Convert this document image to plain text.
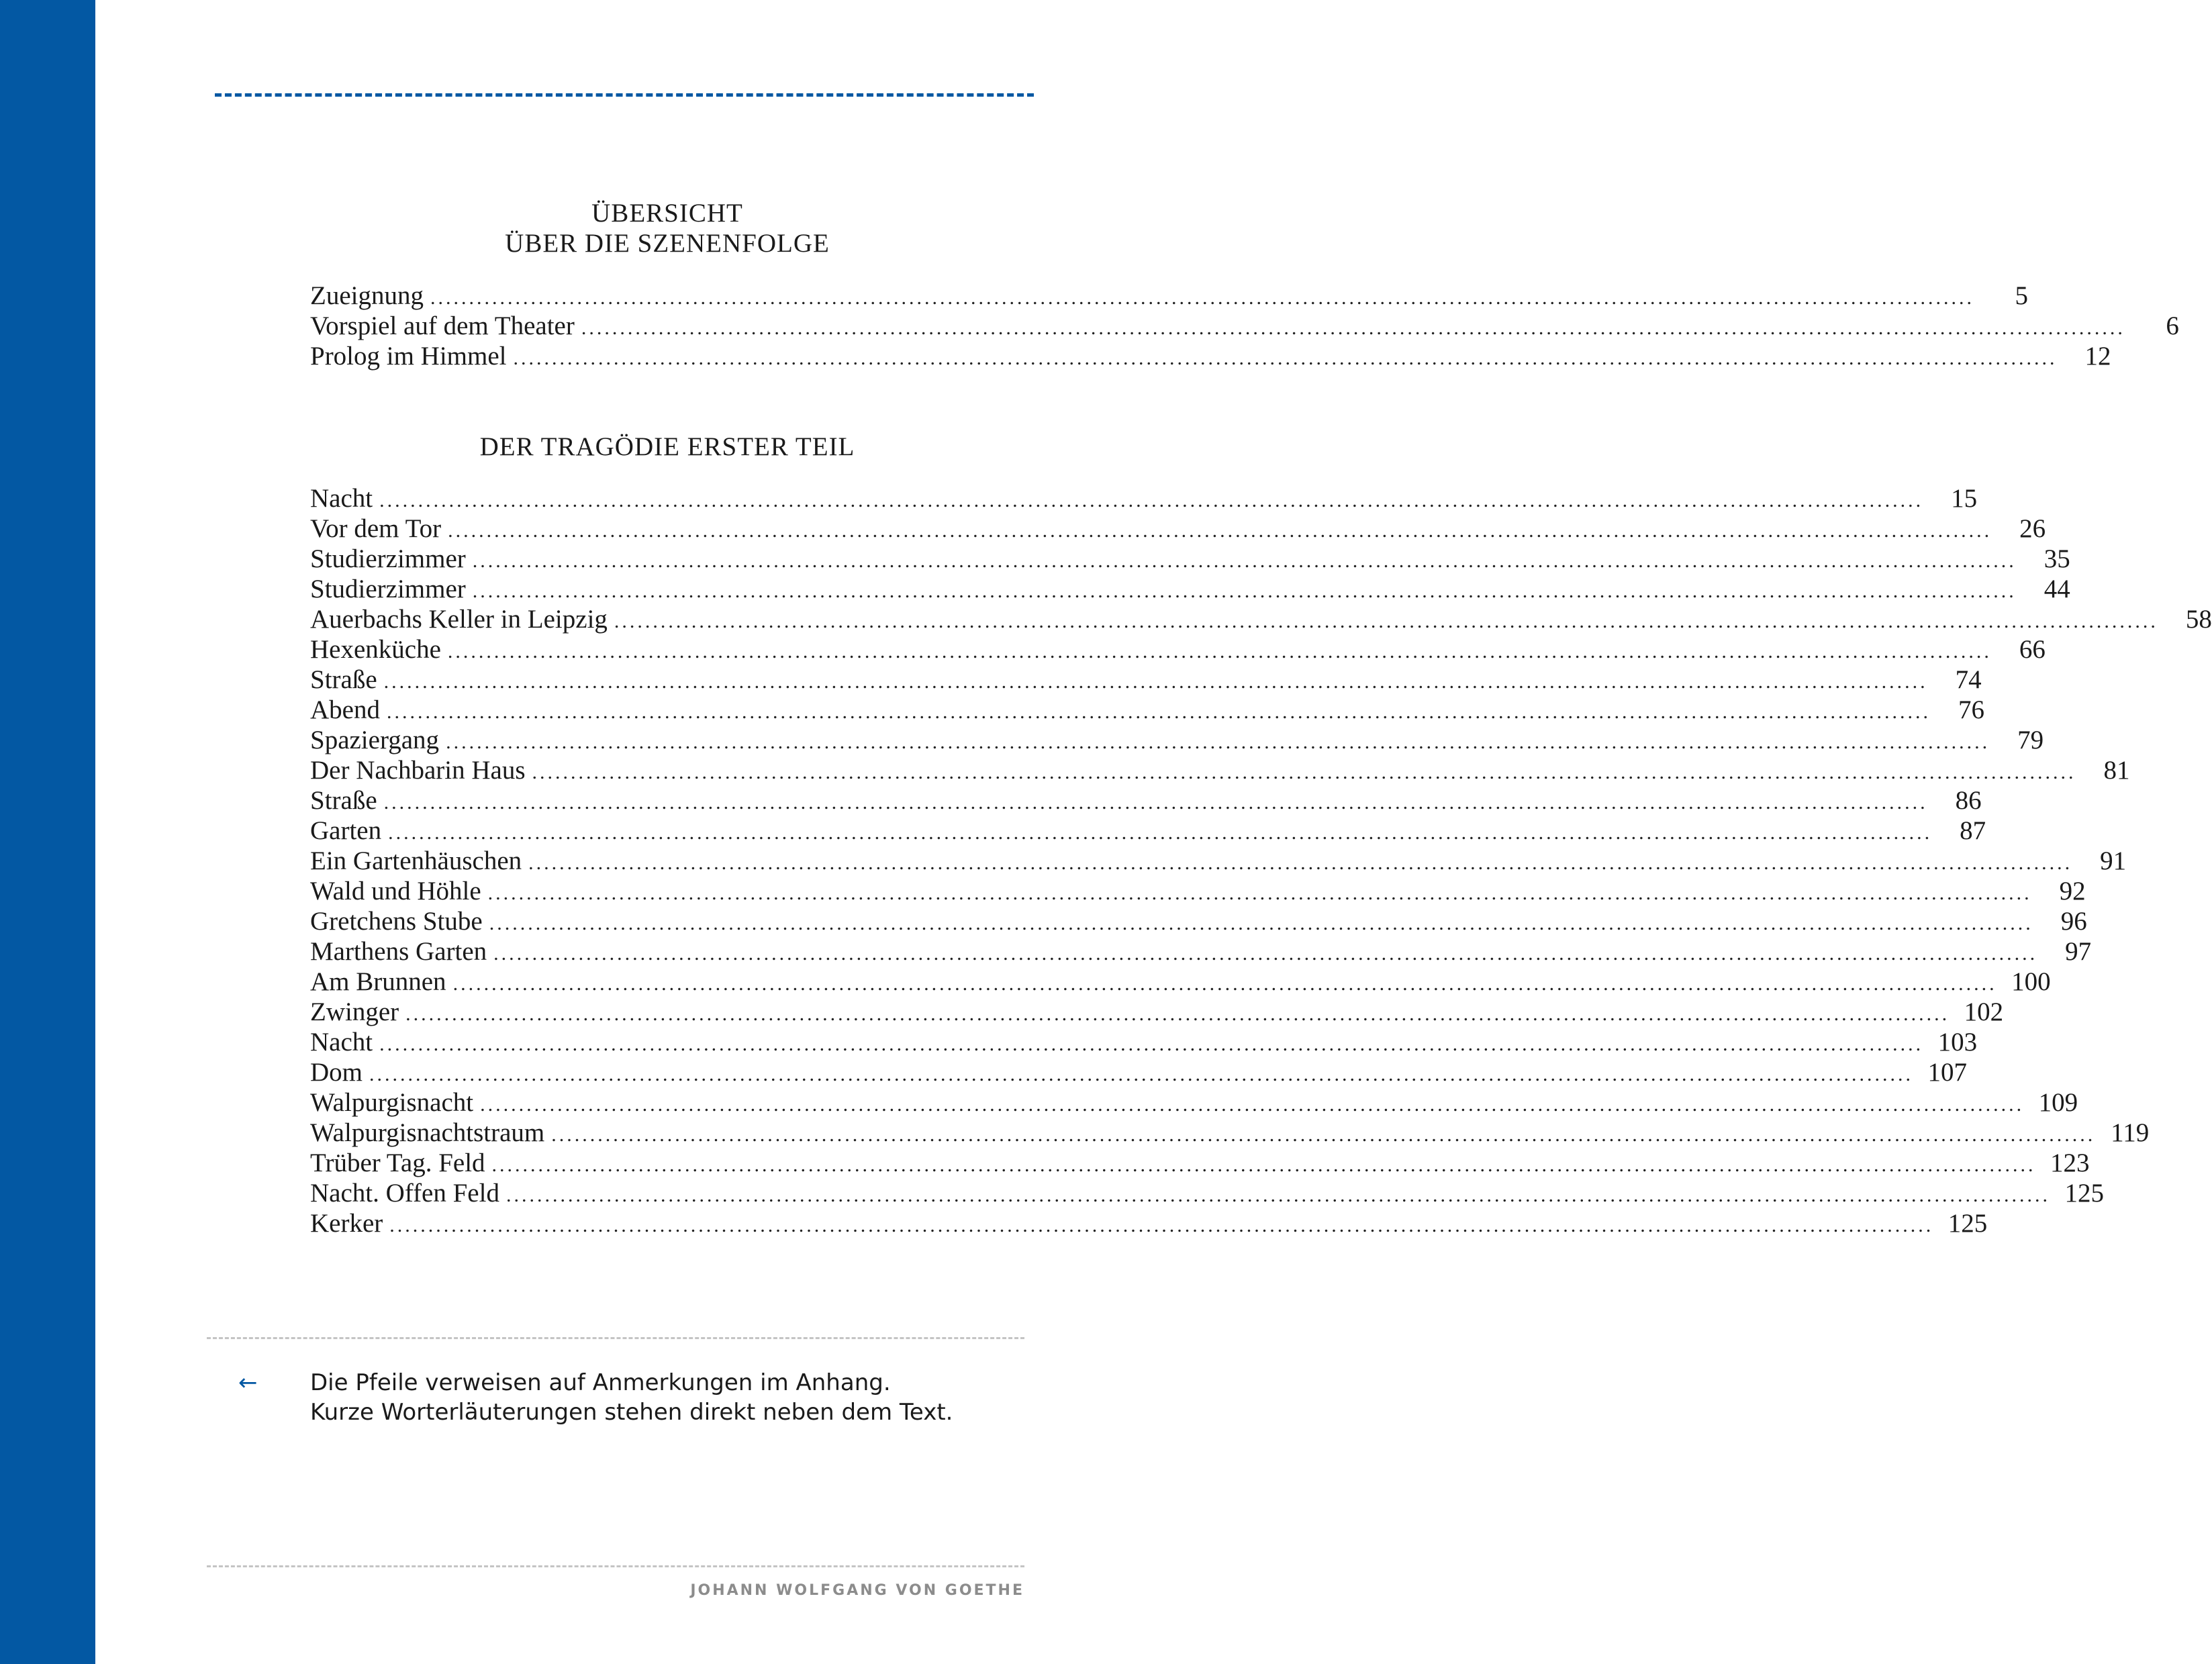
ÜBERSICHT
ÜBER DIE SZENENFOLGE
Zueignung ........................................................................................................................................................................................................	5
Vorspiel auf dem Theater ........................................................................................................................................................................................................	6
Prolog im Himmel ........................................................................................................................................................................................................	12
DER TRAGÖDIE ERSTER TEIL
Nacht ........................................................................................................................................................................................................	15
Vor dem Tor ........................................................................................................................................................................................................	26
Studierzimmer ........................................................................................................................................................................................................	35
Studierzimmer ........................................................................................................................................................................................................	44
Auerbachs Keller in Leipzig ........................................................................................................................................................................................................	58
Hexenküche ........................................................................................................................................................................................................	66
Straße ........................................................................................................................................................................................................	74
Abend ........................................................................................................................................................................................................	76
Spaziergang ........................................................................................................................................................................................................	79
Der Nachbarin Haus ........................................................................................................................................................................................................	81
Straße ........................................................................................................................................................................................................	86
Garten ........................................................................................................................................................................................................	87
Ein Gartenhäuschen ........................................................................................................................................................................................................	91
Wald und Höhle ........................................................................................................................................................................................................	92
Gretchens Stube ........................................................................................................................................................................................................	96
Marthens Garten ........................................................................................................................................................................................................	97
Am Brunnen ........................................................................................................................................................................................................ 100
Zwinger ........................................................................................................................................................................................................ 102
Nacht ........................................................................................................................................................................................................ 103
Dom ........................................................................................................................................................................................................ 107
Walpurgisnacht ........................................................................................................................................................................................................ 109
Walpurgisnachtstraum ........................................................................................................................................................................................................ 119
Trüber Tag. Feld ........................................................................................................................................................................................................ 123
Nacht. Offen Feld ........................................................................................................................................................................................................ 125
Kerker ........................................................................................................................................................................................................ 125
← Die Pfeile verweisen auf Anmerkungen im Anhang.
Kurze Worterläuterungen stehen direkt neben dem Text.
JOHANN WOLFGANG VON GOETHE
